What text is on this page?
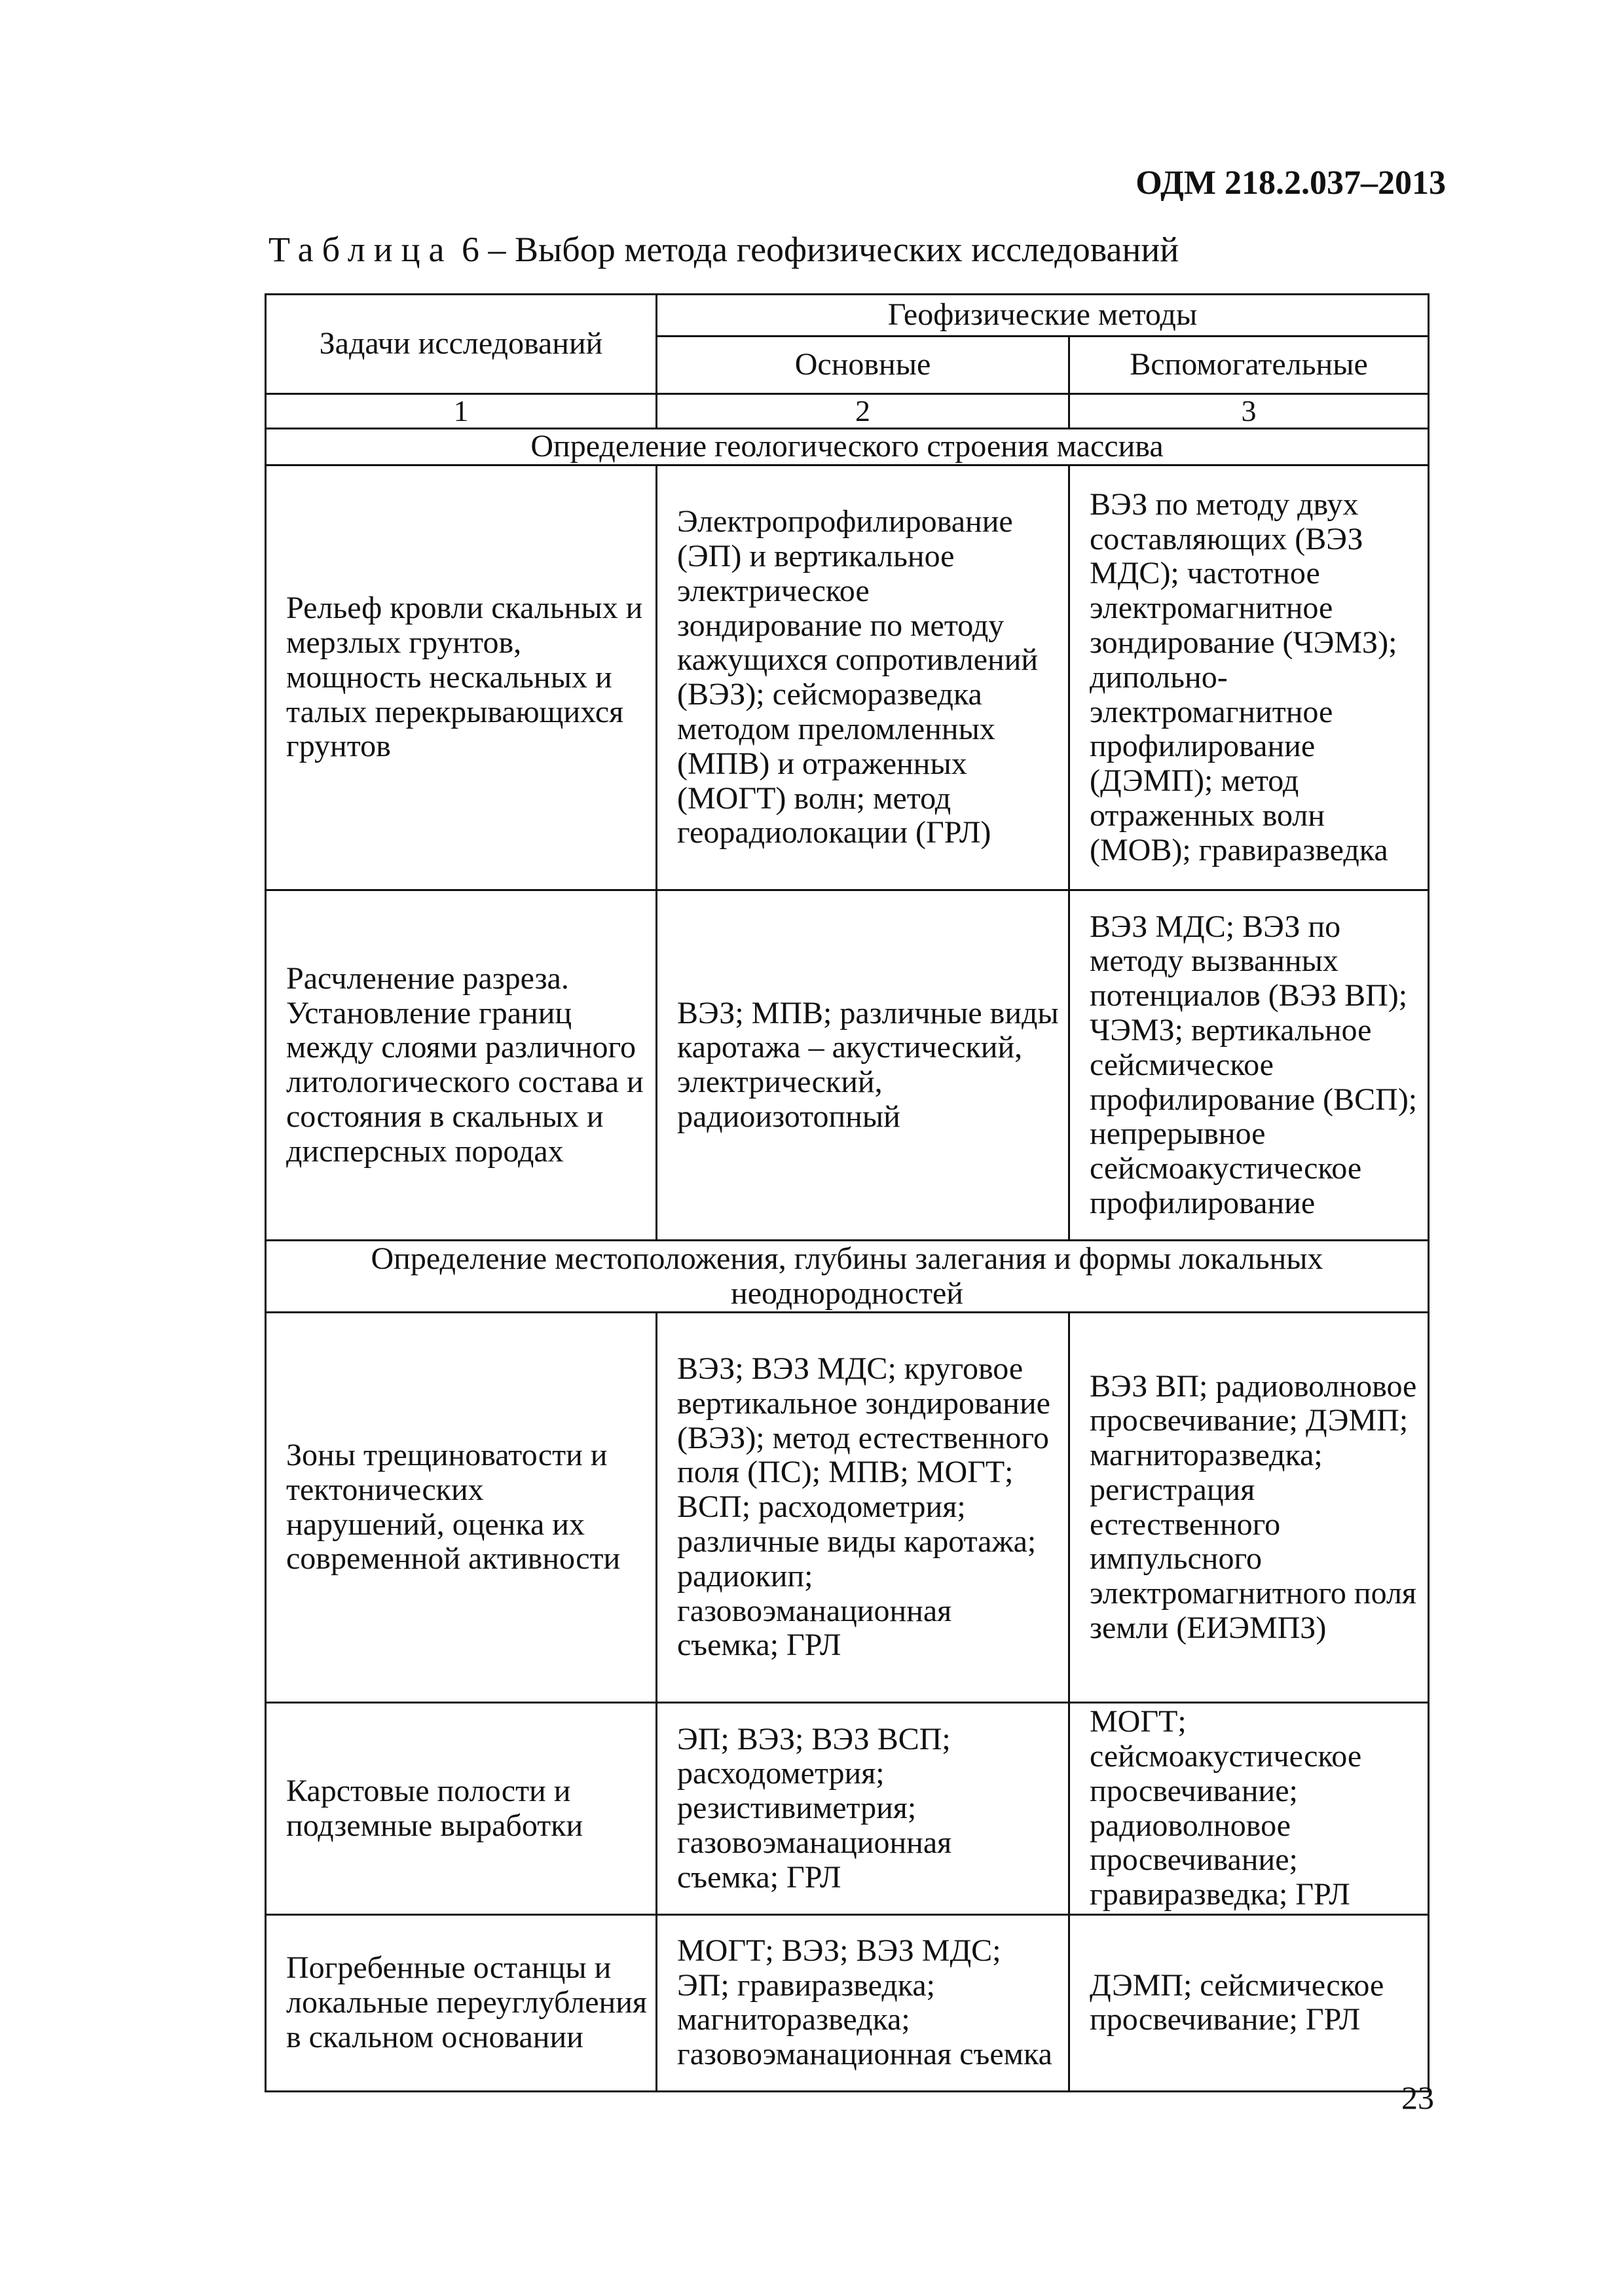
ОДМ 218.2.037–2013
Таблица 6 – Выбор метода геофизических исследований
Задачи исследований	Геофизические методы	
	Основные	Вспомогательные
1	2	3
Определение геологического строения массива		
Рельеф кровли скальных и мерзлых грунтов, мощность нескальных и талых перекрывающихся грунтов	Электропрофилирование (ЭП) и вертикальное электрическое зондирование по методу кажущихся сопротивлений (ВЭЗ); сейсморазведка методом преломленных (МПВ) и отраженных (МОГТ) волн; метод георадиолокации (ГРЛ)	ВЭЗ по методу двух составляющих (ВЭЗ МДС); частотное электромагнитное зондирование (ЧЭМЗ); дипольно-электромагнитное профилирование (ДЭМП); метод отраженных волн (МОВ); гравиразведка
Расчленение разреза. Установление границ между слоями различного литологического состава и состояния в скальных и дисперсных породах	ВЭЗ; МПВ; различные виды каротажа – акустический, электрический, радиоизотопный	ВЭЗ МДС; ВЭЗ по методу вызванных потенциалов (ВЭЗ ВП); ЧЭМЗ; вертикальное сейсмическое профилирование (ВСП); непрерывное сейсмоакустическое профилирование
Определение местоположения, глубины залегания и формы локальных неоднородностей		
Зоны трещиноватости и тектонических нарушений, оценка их современной активности	ВЭЗ; ВЭЗ МДС; круговое вертикальное зондирование (ВЭЗ); метод естественного поля (ПС); МПВ; МОГТ; ВСП; расходометрия; различные виды каротажа; радиокип; газовоэманационная съемка; ГРЛ	ВЭЗ ВП; радиоволновое просвечивание; ДЭМП; магниторазведка; регистрация естественного импульсного электромагнитного поля земли (ЕИЭМПЗ)
Карстовые полости и подземные выработки	ЭП; ВЭЗ; ВЭЗ ВСП; расходометрия; резистивиметрия; газовоэманационная съемка; ГРЛ	МОГТ; сейсмоакустическое просвечивание; радиоволновое просвечивание; гравиразведка; ГРЛ
Погребенные останцы и локальные переуглубления в скальном основании	МОГТ; ВЭЗ; ВЭЗ МДС; ЭП; гравиразведка; магниторазведка; газовоэманационная съемка	ДЭМП; сейсмическое просвечивание; ГРЛ
23
